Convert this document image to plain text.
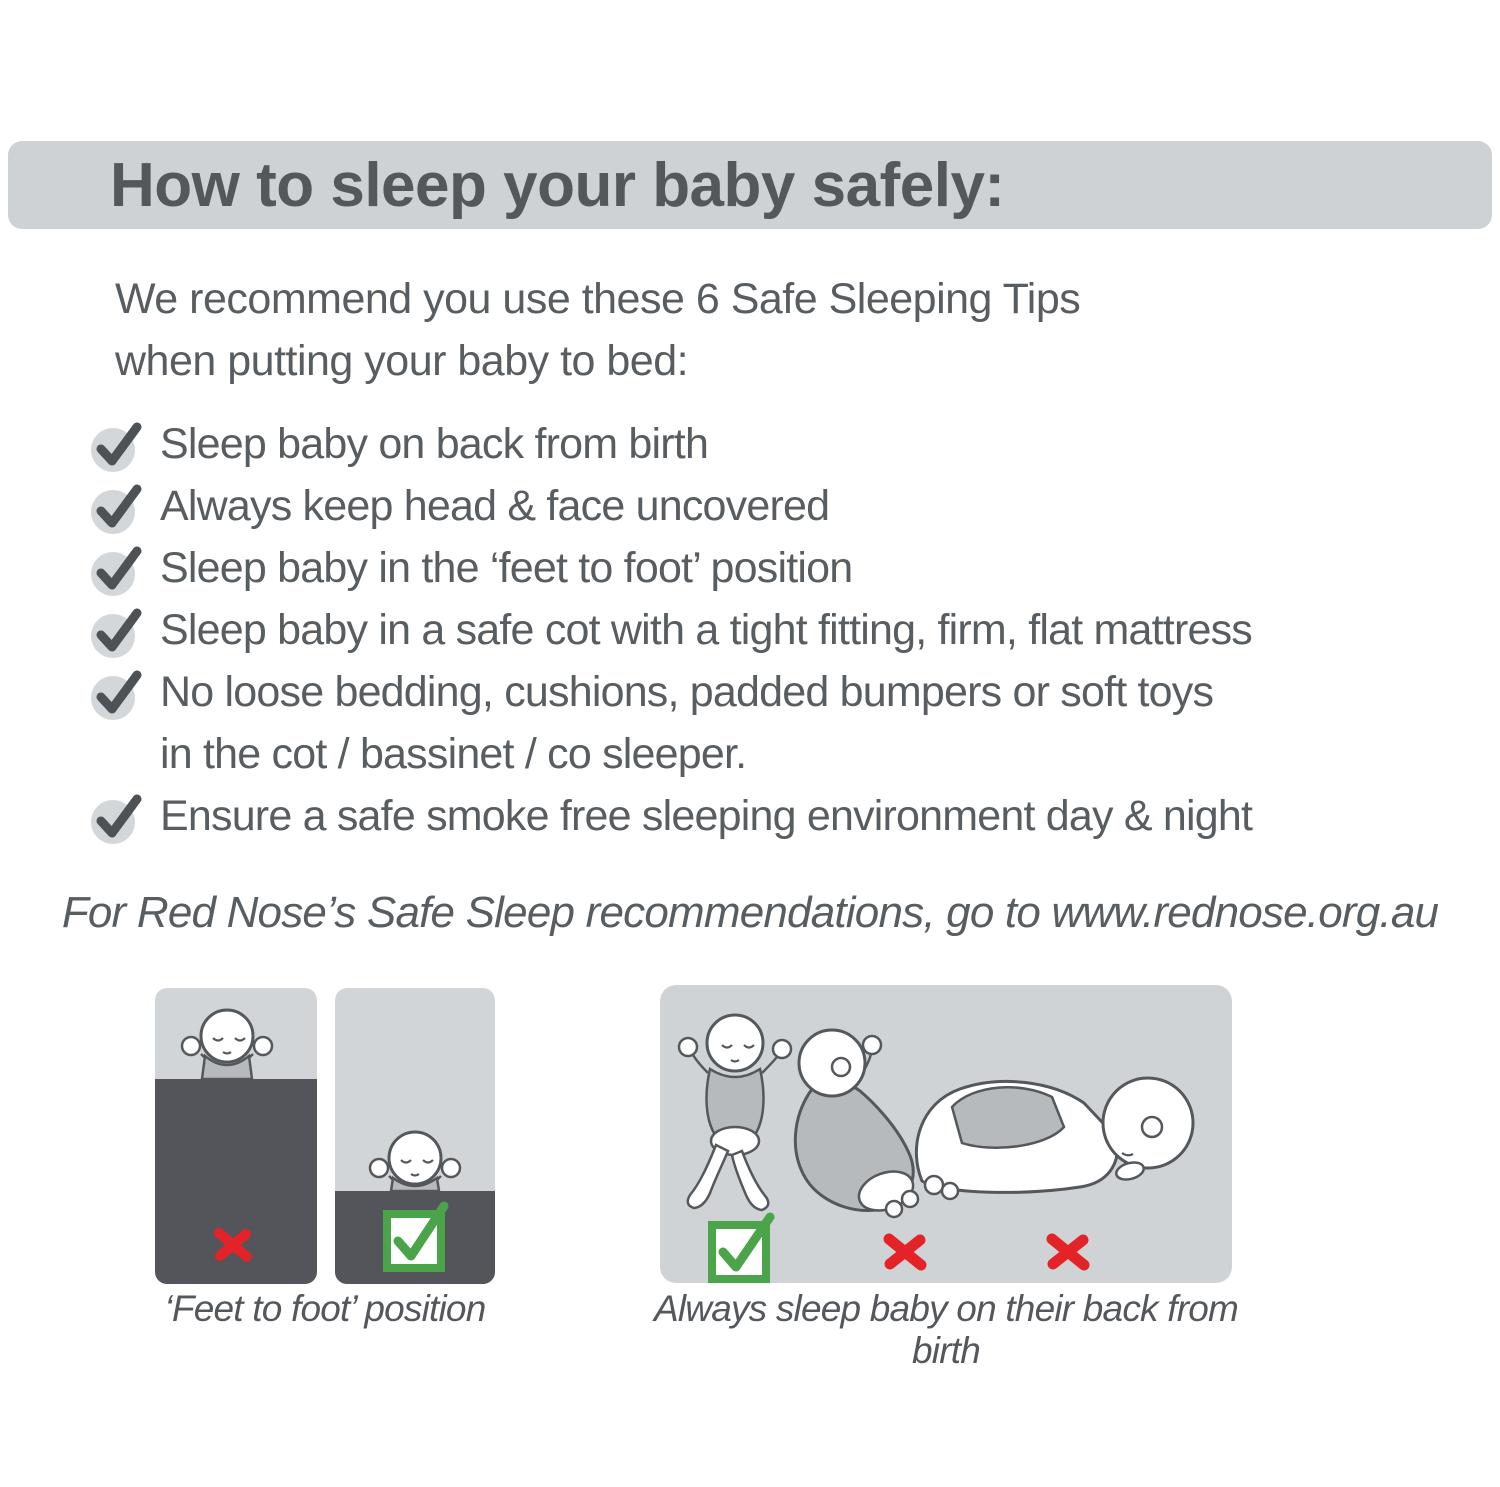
How to sleep your baby safely:
We recommend you use these 6 Safe Sleeping Tips
when putting your baby to bed:
Sleep baby on back from birth
Always keep head & face uncovered
Sleep baby in the ‘feet to foot’ position
Sleep baby in a safe cot with a tight fitting, firm, flat mattress
No loose bedding, cushions, padded bumpers or soft toys
in the cot / bassinet / co sleeper.
Ensure a safe smoke free sleeping environment day & night
For Red Nose’s Safe Sleep recommendations, go to www.rednose.org.au
‘Feet to foot’ position	Always sleep baby on their back from birth
